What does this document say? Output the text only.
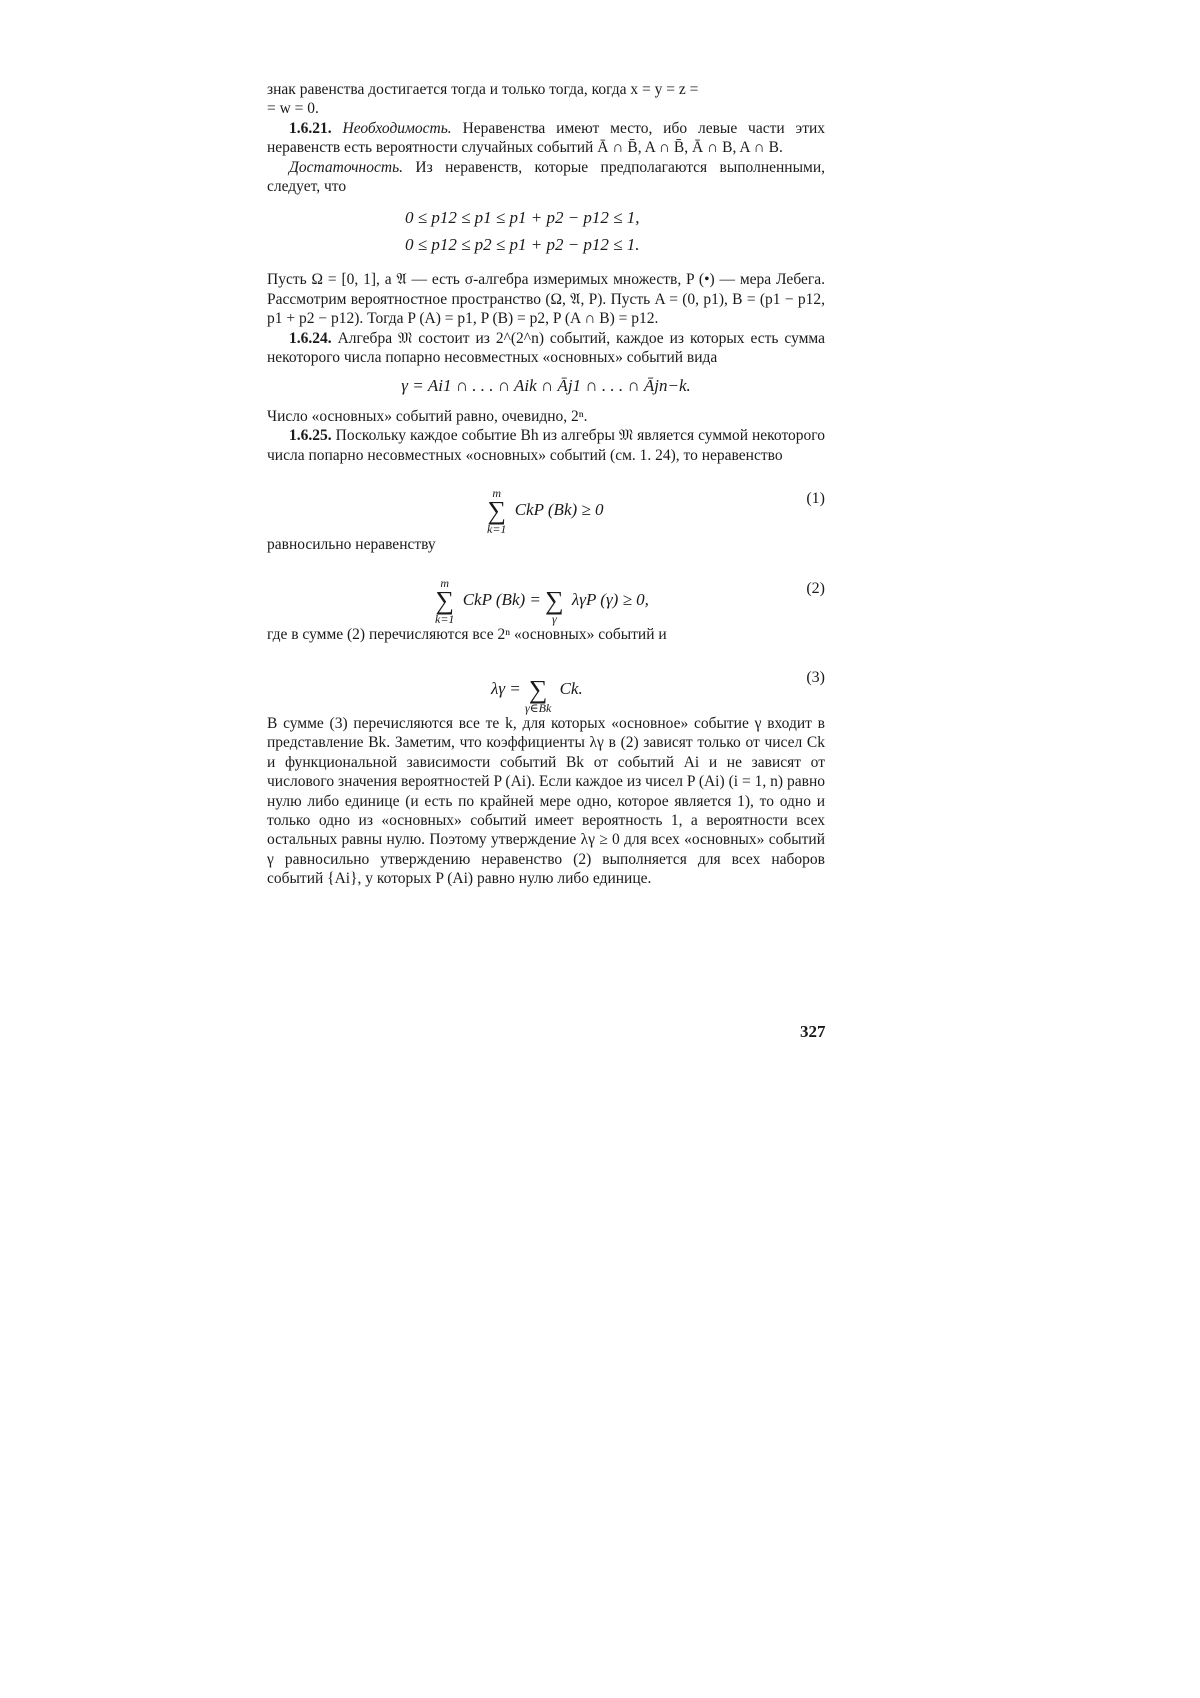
знак равенства достигается тогда и только тогда, когда x = y = z =

= w = 0.

1.6.21. Необходимость. Неравенства имеют место, ибо левые части этих неравенств есть вероятности случайных событий Ā ∩ B̄, A ∩ B̄, Ā ∩ B, A ∩ B.

Достаточность. Из неравенств, которые предполагаются выполненными, следует, что

0 ≤ p12 ≤ p1 ≤ p1 + p2 − p12 ≤ 1,
0 ≤ p12 ≤ p2 ≤ p1 + p2 − p12 ≤ 1.

Пусть Ω = [0, 1], а 𝔄 — есть σ-алгебра измеримых множеств, P (•) — мера Лебега. Рассмотрим вероятностное пространство (Ω, 𝔄, P). Пусть A = (0, p1), B = (p1 − p12, p1 + p2 − p12). Тогда P (A) = p1, P (B) = p2, P (A ∩ B) = p12.

1.6.24. Алгебра 𝔐 состоит из 2^(2^n) событий, каждое из которых есть сумма некоторого числа попарно несовместных «основных» событий вида

γ = Ai1 ∩ . . . ∩ Aik ∩ Āj1 ∩ . . . ∩ Ājn−k.

Число «основных» событий равно, очевидно, 2ⁿ.

1.6.25. Поскольку каждое событие Bh из алгебры 𝔐 является суммой некоторого числа попарно несовместных «основных» событий (см. 1. 24), то неравенство

m
∑
k=1
CkP (Bk) ≥ 0
(1)

равносильно неравенству

m
∑
k=1
CkP (Bk) =
∑
γ
λγP (γ) ≥ 0,
(2)

где в сумме (2) перечисляются все 2ⁿ «основных» событий и

λγ =
∑
γ∈Bk
Ck.
(3)

В сумме (3) перечисляются все те k, для которых «основное» событие γ входит в представление Bk. Заметим, что коэффициенты λγ в (2) зависят только от чисел Ck и функциональной зависимости событий Bk от событий Ai и не зависят от числового значения вероятностей P (Ai). Если каждое из чисел P (Ai) (i = 1, n) равно нулю либо единице (и есть по крайней мере одно, которое является 1), то одно и только одно из «основных» событий имеет вероятность 1, а вероятности всех остальных равны нулю. Поэтому утверждение λγ ≥ 0 для всех «основных» событий γ равносильно утверждению неравенство (2) выполняется для всех наборов событий {Ai}, у которых P (Ai) равно нулю либо единице.

327
